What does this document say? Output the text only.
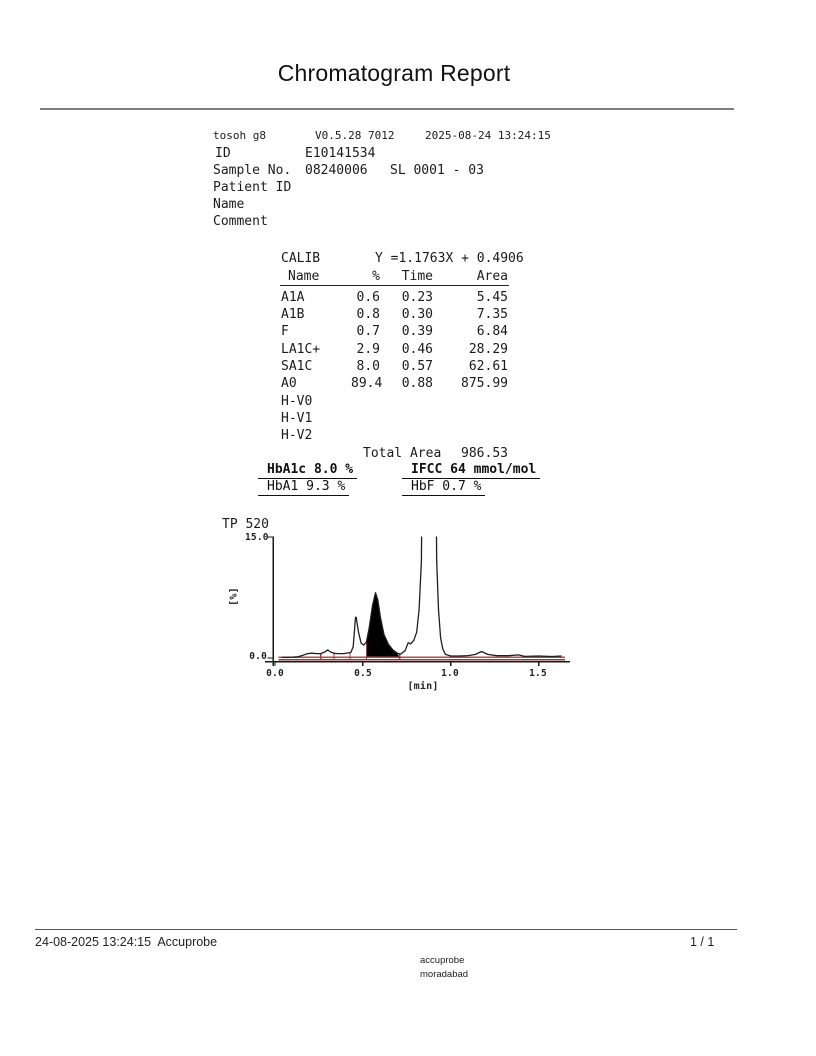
Chromatogram Report
tosoh g8	V0.5.28 7012	2025-08-24 13:24:15
ID	E10141534
Sample No. 08240006 SL 0001 - 03
Patient ID
Name
Comment
CALIB	Y =1.1763X + 0.4906
Name	%	Time	Area
A1A	0.6	0.23	5.45
A1B	0.8	0.30	7.35
F	0.7	0.39	6.84
LA1C+	2.9	0.46	28.29
SA1C	8.0	0.57	62.61
A0	89.4	0.88	875.99
H-V0
H-V1
H-V2
Total Area	986.53
HbA1c 8.0 %	IFCC 64 mmol/mol
HbA1 9.3 %	HbF 0.7 %
TP 520
15.0
0.0
[%]
0.0	0.5	1.0	1.5
[min]
24-08-2025 13:24:15  Accuprobe	1 / 1
accuprobe
moradabad
